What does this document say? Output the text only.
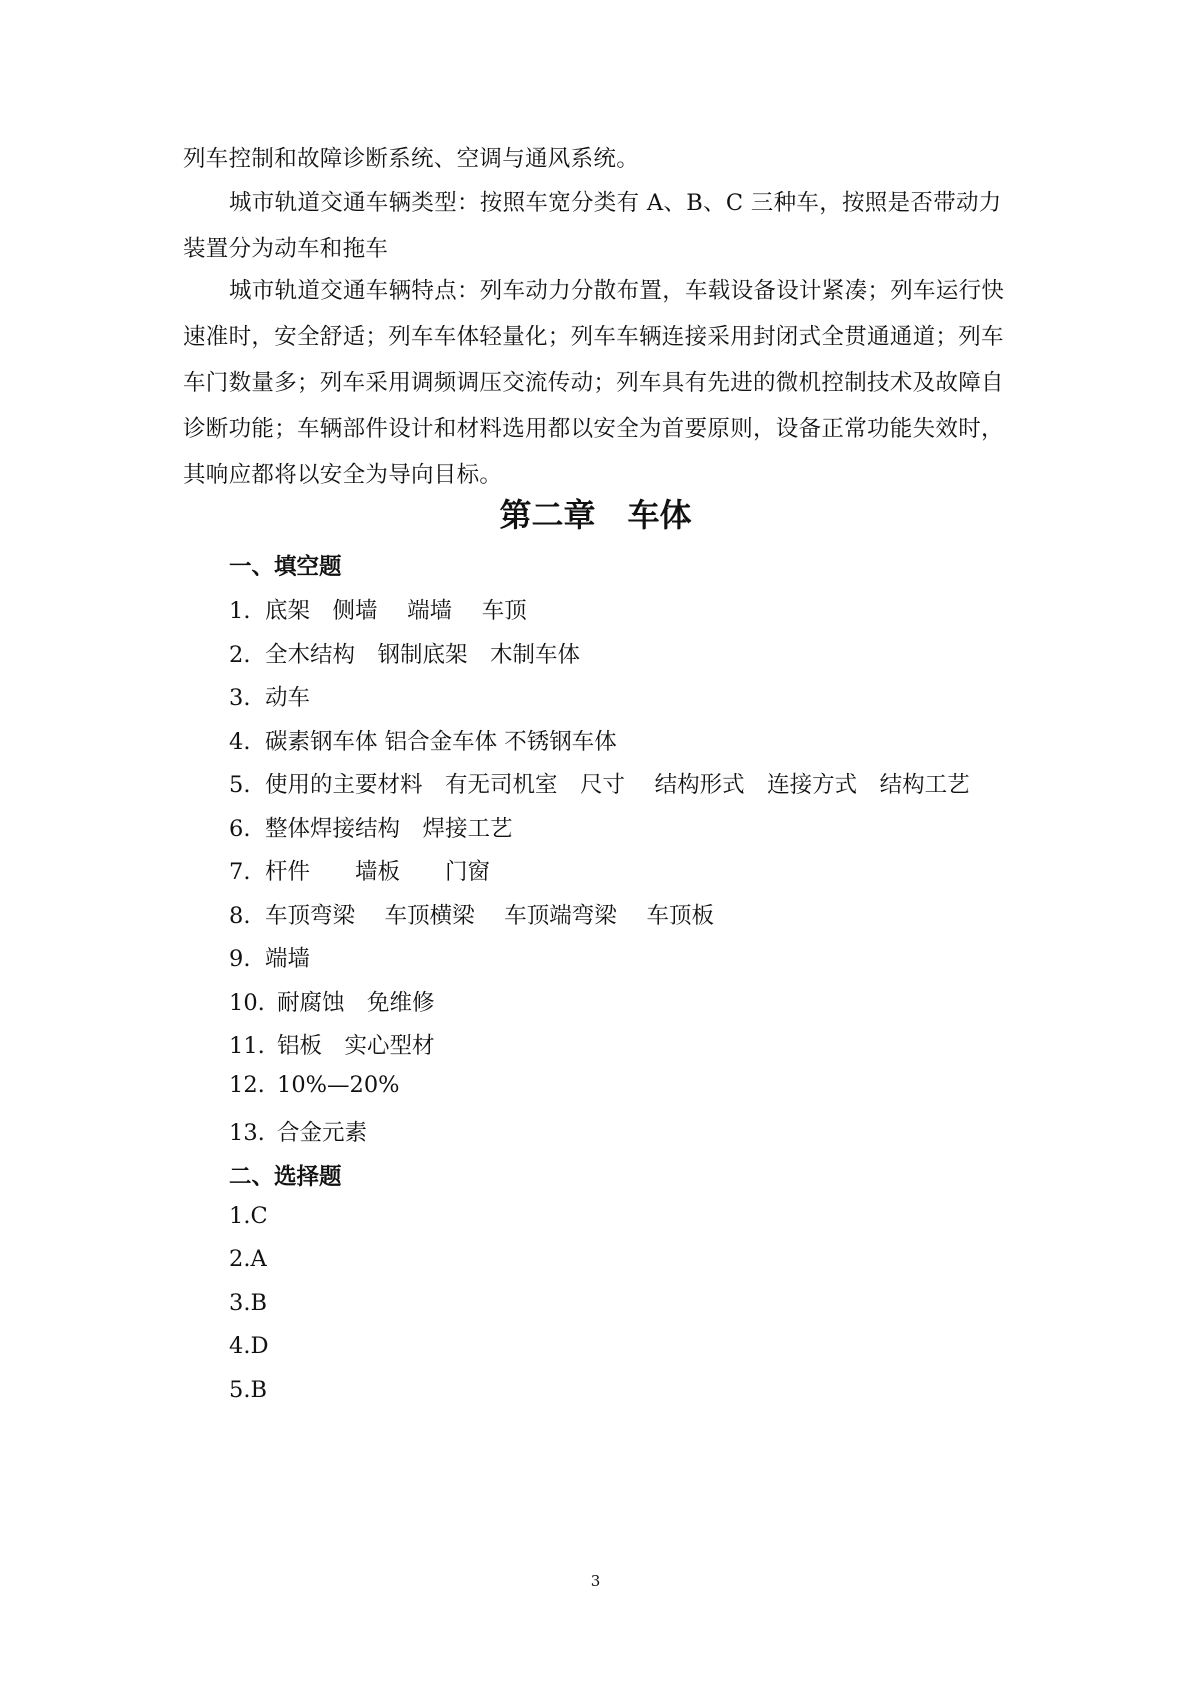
列车控制和故障诊断系统、空调与通风系统。
城市轨道交通车辆类型：按照车宽分类有 A、B、C 三种车，按照是否带动力装置分为动车和拖车
城市轨道交通车辆特点：列车动力分散布置，车载设备设计紧凑；列车运行快速准时，安全舒适；列车车体轻量化；列车车辆连接采用封闭式全贯通通道；列车车门数量多；列车采用调频调压交流传动；列车具有先进的微机控制技术及故障自诊断功能；车辆部件设计和材料选用都以安全为首要原则，设备正常功能失效时，其响应都将以安全为导向目标。
第二章　车体
一、填空题
1. 底架　侧墙　 端墙　 车顶
2. 全木结构　钢制底架　木制车体
3. 动车
4. 碳素钢车体 铝合金车体 不锈钢车体
5. 使用的主要材料　有无司机室　尺寸　 结构形式　连接方式　结构工艺
6. 整体焊接结构　焊接工艺
7. 杆件　　墙板　　门窗
8. 车顶弯梁　 车顶横梁　 车顶端弯梁　 车顶板
9. 端墙
10. 耐腐蚀　免维修
11. 铝板　实心型材
12. 10%—20%
13. 合金元素
二、选择题
1.C
2.A
3.B
4.D
5.B
3
